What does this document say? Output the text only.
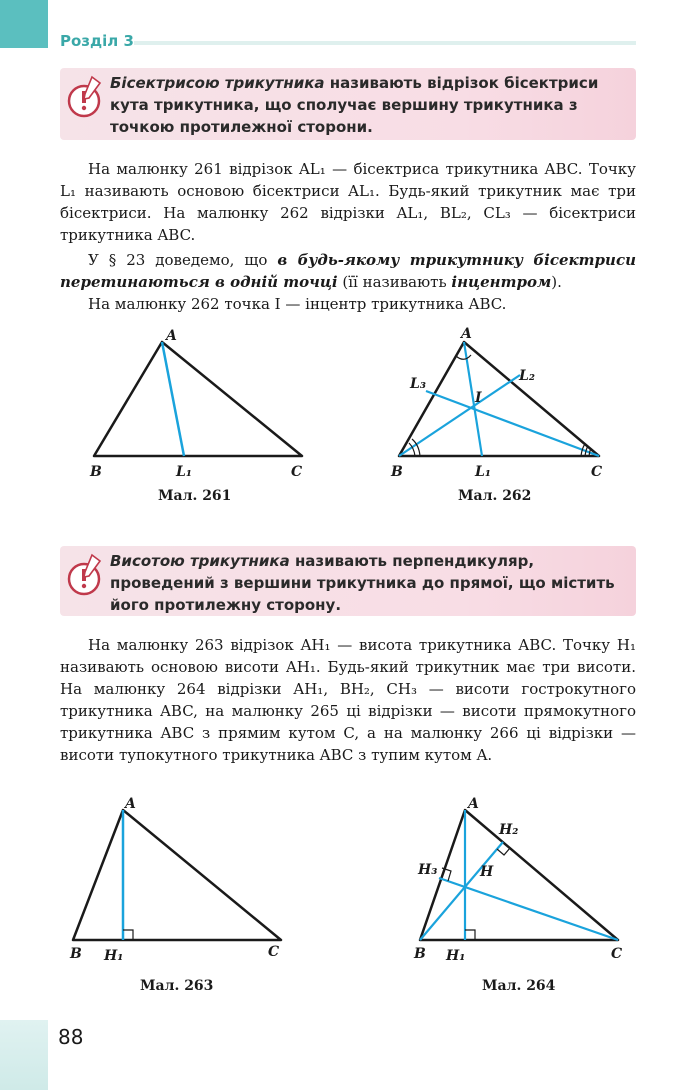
Розділ 3

Бісектрисою трикутника називають відрізок бісектриси кута трикутника, що сполучає вершину трикутника з точкою протилежної сторони.

На малюнку 261 відрізок AL₁ — бісектриса трикутника ABC. Точку L₁ називають основою бісектриси AL₁. Будь-який трикутник має три бісектриси. На малюнку 262 відрізки AL₁, BL₂, CL₃ — бісектриси трикутника ABC.

У § 23 доведемо, що в будь-якому трикутнику бісектриси перетинаються в одній точці (її називають інцентром).

На малюнку 262 точка I — інцентр трикутника ABC.

A
B	C
L₁
Мал. 261
A
B	C
L₁
L₂
L₃
I
Мал. 262

Висотою трикутника називають перпендикуляр, проведений з вершини трикутника до прямої, що містить його протилежну сторону.

На малюнку 263 відрізок AH₁ — висота трикутника ABC. Точку H₁ називають основою висоти AH₁. Будь-який трикутник має три висоти. На малюнку 264 відрізки AH₁, BH₂, CH₃ — висоти гострокутного трикутника ABC, на малюнку 265 ці відрізки — висоти прямокутного трикутника ABC з прямим кутом C, а на малюнку 266 ці відрізки — висоти тупокутного трикутника ABC з тупим кутом A.

A
B	C
H₁
Мал. 263
A
B	C
H₁
H₂
H₃	H
Мал. 264
88
